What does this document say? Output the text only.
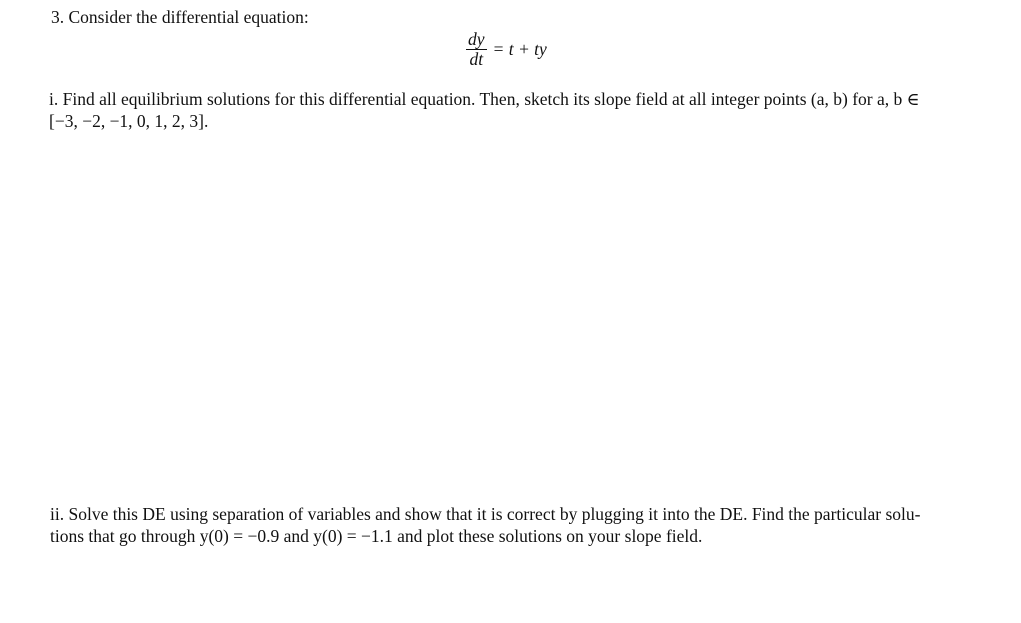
3. Consider the differential equation:
$\frac{dy}{dt} = t$ + ty
i. Find all equilibrium solutions for this differential equation. Then, sketch its slope field at all integer points (a, b) for a, b ∈
[−3, −2, −1, 0, 1, 2, 3].
ii. Solve this DE using separation of variables and show that it is correct by plugging it into the DE. Find the particular solu-
tions that go through y(0) = −0.9 and y(0) = −1.1 and plot these solutions on your slope field.
